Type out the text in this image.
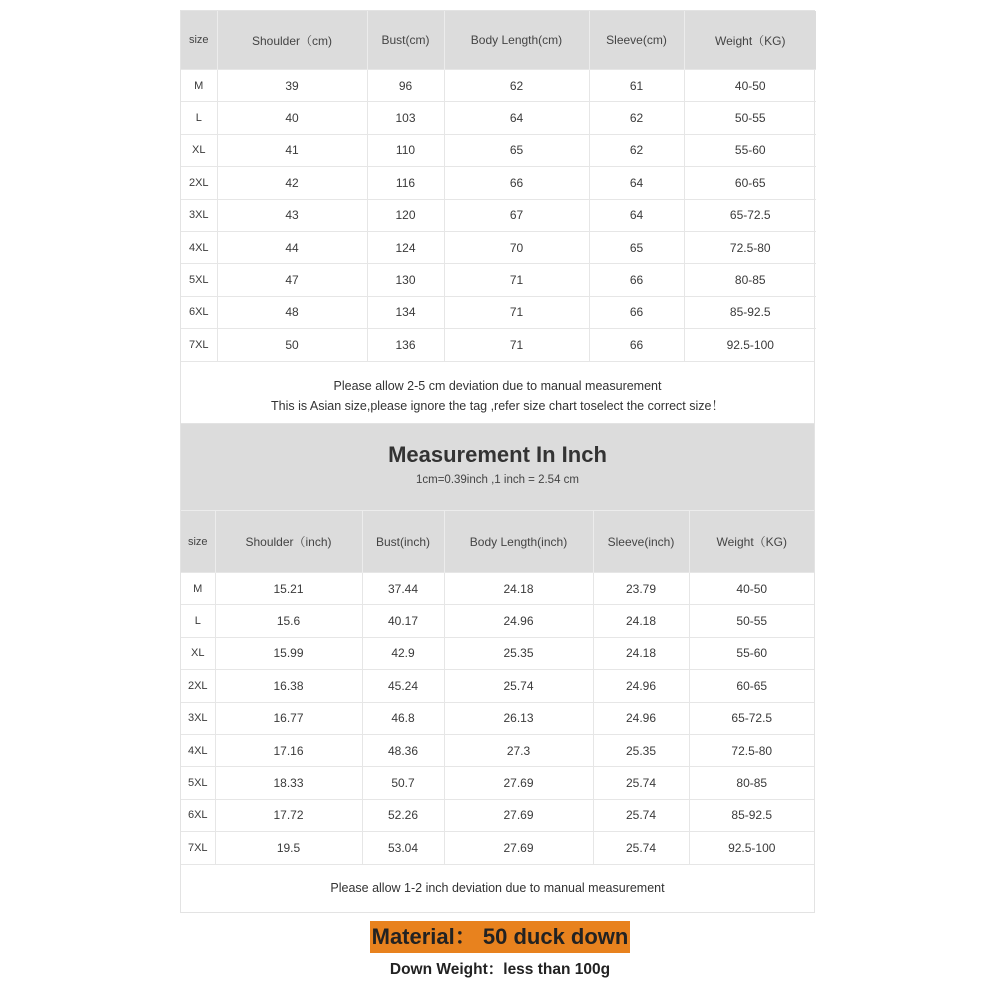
size	Shoulder（cm)	Bust(cm)	Body Length(cm)	Sleeve(cm)	Weight（KG)
M	39	96	62	61	40-50
L	40	103	64	62	50-55
XL	41	110	65	62	55-60
2XL	42	116	66	64	60-65
3XL	43	120	67	64	65-72.5
4XL	44	124	70	65	72.5-80
5XL	47	130	71	66	80-85
6XL	48	134	71	66	85-92.5
7XL	50	136	71	66	92.5-100
Please allow 2-5 cm deviation due to manual measurement
This is Asian size,please ignore the tag ,refer size chart toselect the correct size！
Measurement In Inch
1cm=0.39inch ,1 inch = 2.54 cm
size	Shoulder（inch)	Bust(inch)	Body Length(inch)	Sleeve(inch)	Weight（KG)
M	15.21	37.44	24.18	23.79	40-50
L	15.6	40.17	24.96	24.18	50-55
XL	15.99	42.9	25.35	24.18	55-60
2XL	16.38	45.24	25.74	24.96	60-65
3XL	16.77	46.8	26.13	24.96	65-72.5
4XL	17.16	48.36	27.3	25.35	72.5-80
5XL	18.33	50.7	27.69	25.74	80-85
6XL	17.72	52.26	27.69	25.74	85-92.5
7XL	19.5	53.04	27.69	25.74	92.5-100
Please allow 1-2 inch deviation due to manual measurement
Material： 50 duck down
Down Weight：less than 100g
